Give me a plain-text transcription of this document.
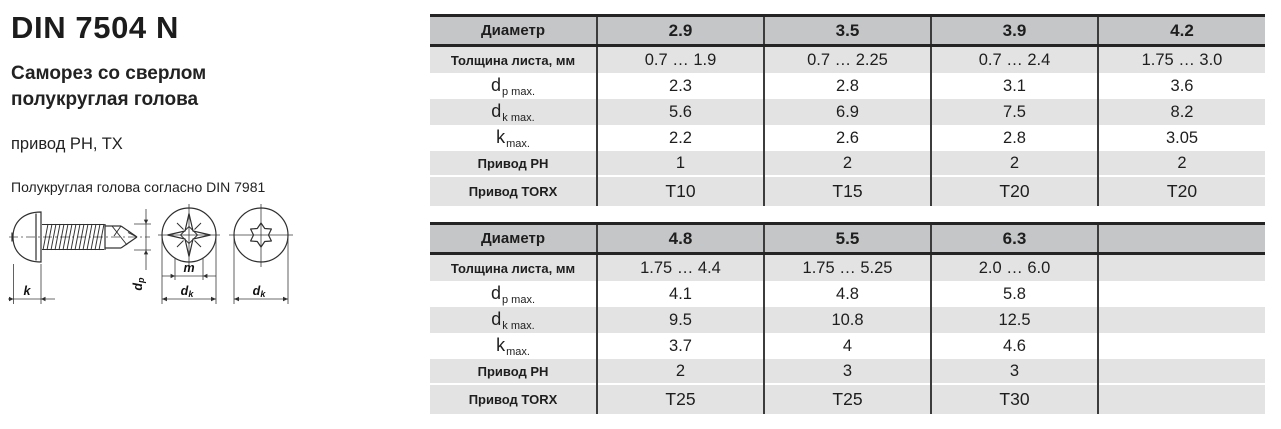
DIN 7504 N
Саморез со сверлом
полукруглая голова
привод PH, TX
Полукруглая голова согласно DIN 7981
k	dp
m
dk	dk
Диаметр	2.9	3.5	3.9	4.2
Толщина листа, мм	0.7 … 1.9	0.7 … 2.25	0.7 … 2.4	1.75 … 3.0
$d_{p max.}$	2.3	2.8	3.1	3.6
$d_{k max.}$	5.6	6.9	7.5	8.2
$k_{max.}$	2.2	2.6	2.8	3.05
Привод PH	1	2	2	2
Привод TORX	T10	T15	T20	T20
Диаметр	4.8	5.5	6.3	
Толщина листа, мм	1.75 … 4.4	1.75 … 5.25	2.0 … 6.0	
$d_{p max.}$	4.1	4.8	5.8	
$d_{k max.}$	9.5	10.8	12.5	
$k_{max.}$	3.7	4	4.6	
Привод PH	2	3	3	
Привод TORX	T25	T25	T30	
